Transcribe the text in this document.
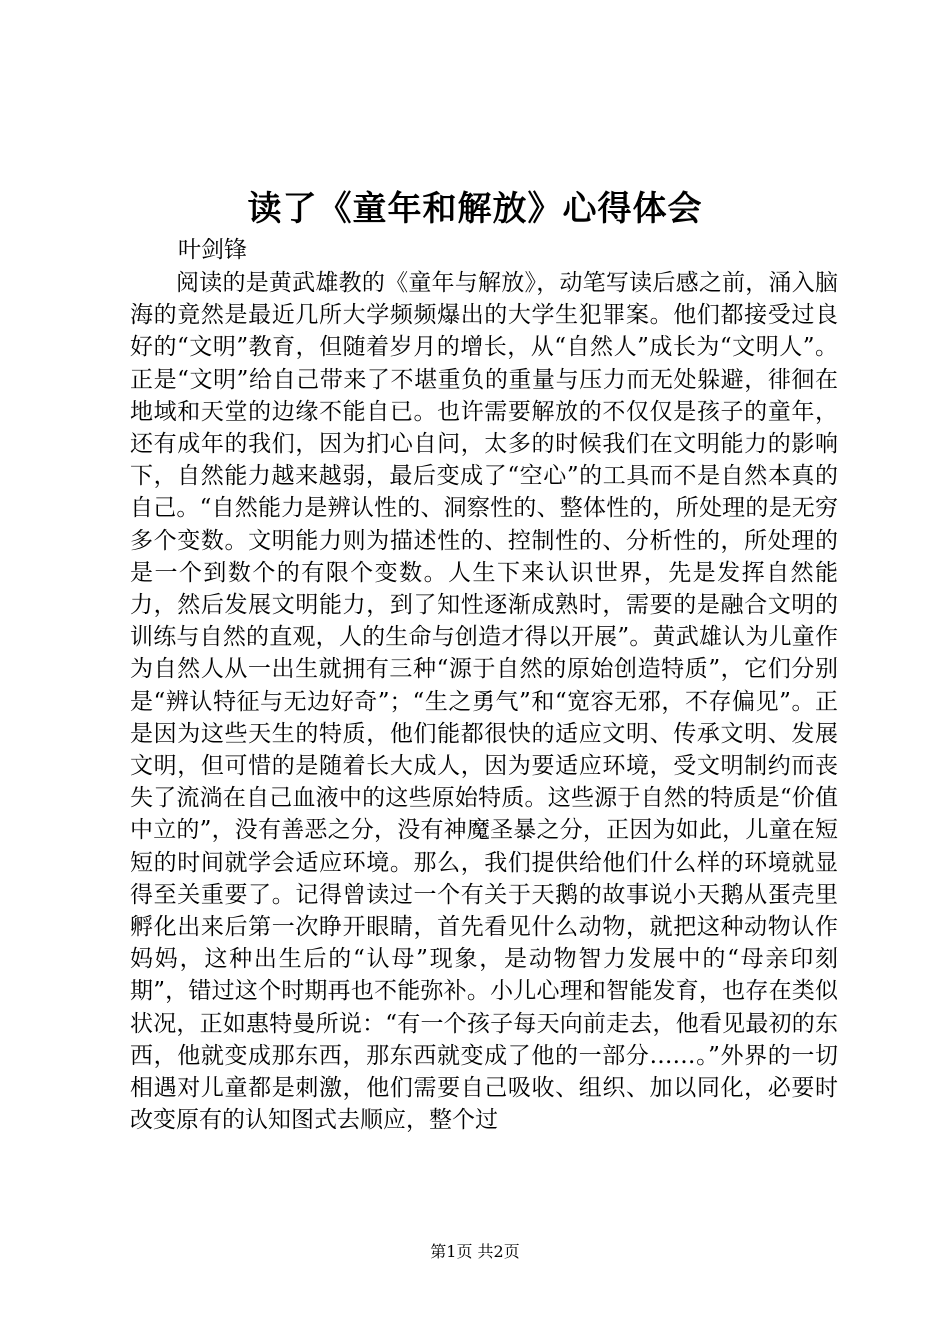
读了《童年和解放》心得体会
叶剑锋

阅读的是黄武雄教的《童年与解放》，动笔写读后感之前，涌入脑海的竟然是最近几所大学频频爆出的大学生犯罪案。他们都接受过良好的“文明”教育，但随着岁月的增长，从“自然人”成长为“文明人”。正是“文明”给自己带来了不堪重负的重量与压力而无处躲避，徘徊在地域和天堂的边缘不能自已。也许需要解放的不仅仅是孩子的童年，还有成年的我们，因为扪心自问，太多的时候我们在文明能力的影响下，自然能力越来越弱，最后变成了“空心”的工具而不是自然本真的自己。“自然能力是辨认性的、洞察性的、整体性的，所处理的是无穷多个变数。文明能力则为描述性的、控制性的、分析性的，所处理的是一个到数个的有限个变数。人生下来认识世界，先是发挥自然能力，然后发展文明能力，到了知性逐渐成熟时，需要的是融合文明的训练与自然的直观，人的生命与创造才得以开展”。黄武雄认为儿童作为自然人从一出生就拥有三种“源于自然的原始创造特质”，它们分别是“辨认特征与无边好奇”；“生之勇气”和“宽容无邪，不存偏见”。正是因为这些天生的特质，他们能都很快的适应文明、传承文明、发展文明，但可惜的是随着长大成人，因为要适应环境，受文明制约而丧失了流淌在自己血液中的这些原始特质。这些源于自然的特质是“价值中立的”，没有善恶之分，没有神魔圣暴之分，正因为如此，儿童在短短的时间就学会适应环境。那么，我们提供给他们什么样的环境就显得至关重要了。记得曾读过一个有关于天鹅的故事说小天鹅从蛋壳里孵化出来后第一次睁开眼睛，首先看见什么动物，就把这种动物认作妈妈，这种出生后的“认母”现象，是动物智力发展中的“母亲印刻期”，错过这个时期再也不能弥补。小儿心理和智能发育，也存在类似状况，正如惠特曼所说：“有一个孩子每天向前走去，他看见最初的东西，他就变成那东西，那东西就变成了他的一部分……。”外界的一切相遇对儿童都是刺激，他们需要自己吸收、组织、加以同化，必要时改变原有的认知图式去顺应，整个过

第1页 共2页
